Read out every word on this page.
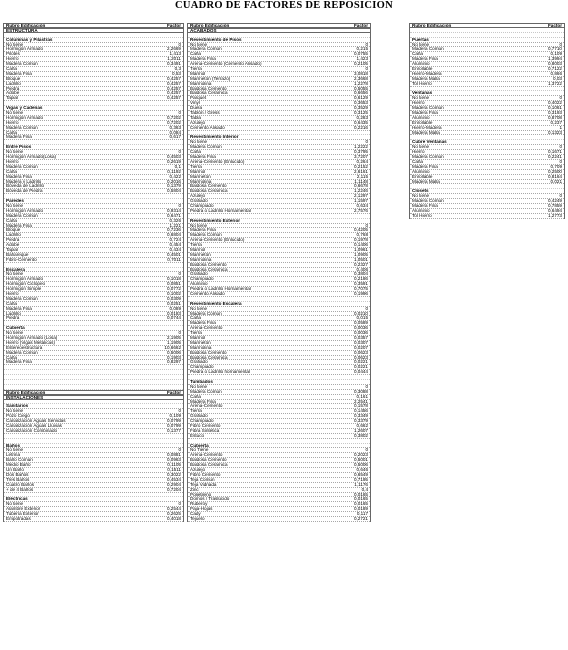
CUADRO DE FACTORES DE REPOSICION
Rubro Edificación	Factor
ESTRUCTURA
Columnas y Pilastras
No tiene	0
Hormigón Armado	2,2669
Pilotes	1,413
Hierro	1,2011
Madera Común	0,3491
Caña	0,3
Madera Fina	0,53
Bloque	0,4257
Ladrillo	0,4257
Piedra	0,4257
Adobe	0,4257
Tapial	0,4257
Vigas y Cadenas
No tiene	0
Hormigón Armado	0,7202
Hierro	0,7202
Madera Común	0,363
Caña	0,084
Madera Fina	0,617
Entre Pisos
No tiene	0
Hormigón Armado(Losa)	0,4503
Hierro	0,2619
Madera Común	0,1
Caña	0,1192
Madera Fina	0,422
Madera y Ladrillo	0,2016
Bóveda de Ladrillo	0,1379
Bóveda de Piedra	0,5804
Paredes
No tiene	0
Hormigón Armado	0,9314
Madera Común	0,6471
Caña	0,326
Madera Fina	1,221
Bloque	0,7236
Ladrillo	0,6804
Piedra	0,724
Adobe	0,454
Tapial	0,434
Bahareque	0,4501
Fibro-Cemento	0,7011
Escalera
No tiene	0
Hormigón Armado	0,1018
Hormigón Ciclopeo	0,0851
Hormigón Simple	0,0772
Hierro	0,1002
Madera Común	0,0309
Caña	0,0251
Madera Fina	0,089
Ladrillo	0,0183
Piedra	0,0744
Cubierta
No tiene	0
Hormigón Armado (Losa)	2,1905
Hierro (Vigas Metálicas)	1,1905
Estereoestructura	10,6662
Madera Común	0,5006
Caña	0,1903
Madera Fina	0,8297
Rubro Edificación	Factor
INSTALACIONES
Sanitarios
No tiene	0
Pozo Ciego	0,109
Canalización Aguas Servidas	0,0799
Canalización Aguas Lluvias	0,0799
Canalización Combinado	0,1377
Baños
No tiene	0
Letrina	0,0881
Baño Común	0,0963
Medio Baño	0,1105
Un Baño	0,1511
Dos Baños	0,3022
Tres Baños	0,4534
Cuatro Baños	0,2904
+ de 4 Baños	0,7204
Eléctricas
No tiene	0
Alambre Exterior	0,2544
Tubería Exterior	0,2625
Empotradas	0,4018
Rubro Edificación	Factor
ACABADOS
Revestimiento de Pisos
No tiene	0
Madera Común	0,215
Caña	0,0755
Madera Fina	1,423
Arena-Cemento (Cemento Alisado)	0,2105
Tierra	0
Mármol	3,0818
Marmetón (Terrazo)	2,3668
Marmolina	1,2278
Baldosa Cemento	0,5055
Baldosa Cerámica	0,6656
Parquet	0,6129
Vinyl	0,3653
Duela	0,3529
Tablón / Gress	0,3125
Tabla	0,283
Azulejo	0,6435
Cemento Alisado	0,2216
Revestimiento Interior
No tiene	0
Madera Común	1,2222
Caña	0,3795
Madera Fina	3,7207
Arena-Cemento (Enlucido)	0,264
Tierra	0,2152
Mármol	2,6161
Marmetón	2,115
Marmolina	1,1148
Baldosa Cemento	0,6678
Baldosa Cerámica	1,2246
Azulejo	2,1297
Grafiado	1,1597
Champiado	0,634
Piedra o Ladrillo Hornamental	2,7576
Revestimiento Exterior
No tiene	0
Madera Fina	0,4205
Madera Común	0,768
Arena-Cemento (Enlucido)	0,1978
Tierra	0,1406
Mármol	1,0961
Marmetón	1,0905
Marmolina	1,0501
Baldosa Cemento	0,2327
Baldosa Cerámica	0,406
Grafiado	0,3804
Champiado	0,2186
Aluminio	0,3591
Piedra o Ladrillo Hornamental	0,7075
Cemento Alisado	0,1996
Revestimiento Escalera
No tiene	0
Madera Común	0,0210
Caña	0,015
Madera Fina	0,0589
Arena-Cemento	0,0036
Tierra	0,0036
Mármol	0,0357
Marmetón	0,0307
Marmolina	0,0207
Baldosa Cemento	0,0623
Baldosa Cerámica	0,0623
Grafiado	0,0221
Champiado	0,0221
Piedra o Ladrillo hornamental	0,0444
Tumbados
No tiene	0
Madera Común	0,3088
Caña	0,161
Madera Fina	2,2541
Arena-Cemento	0,1578
Tierra	0,1456
Grafiado	0,3349
Champiado	0,3379
Fibro Cemento	0,662
Fibra Sintética	1,2607
Estuco	0,3802
Cubierta
No Tiene	0
Arena-Cemento	0,2023
Baldosa Cemento	0,5001
Baldosa Cerámica	0,5006
Azulejo	0,646
Fibro Cemento	0,6549
Teja Común	0,7195
Teja Vidriada	1,1176
Zinc	0,4
Polietileno	0,0165
Domos / Traslúcido	0,0165
Ruberoy	0,0165
Paja-Hojas	0,0189
Cady	0,117
Tejuelo	0,2721
Rubro Edificación	Factor
Puertas
No tiene	0
Madera Común	0,7710
Caña	0,109
Madera Fina	1,3994
Aluminio	0,8003
Enrollable	0,7122
Hierro-Madera	0,866
Madera Malla	0,03
Tol Hierro	1,3722
Ventanas
No tiene	0
Hierro	0,4022
Madera Común	0,1061
Madera Fina	0,3193
Aluminio	0,8708
Enrollable	0,237
Hierro-Madera	1
Madera Malla	0,1323
Cubre Ventanas
No tiene	0
Hierro	0,1671
Madera Común	0,2241
Caña	0
Madera Fina	0,709
Aluminio	0,2500
Enrollable	0,8164
Madera Malla	0,021
Closets
No tiene	0
Madera Común	0,4249
Madera Fina	0,7859
Aluminio	0,6494
Tol Hierro	1,2773
